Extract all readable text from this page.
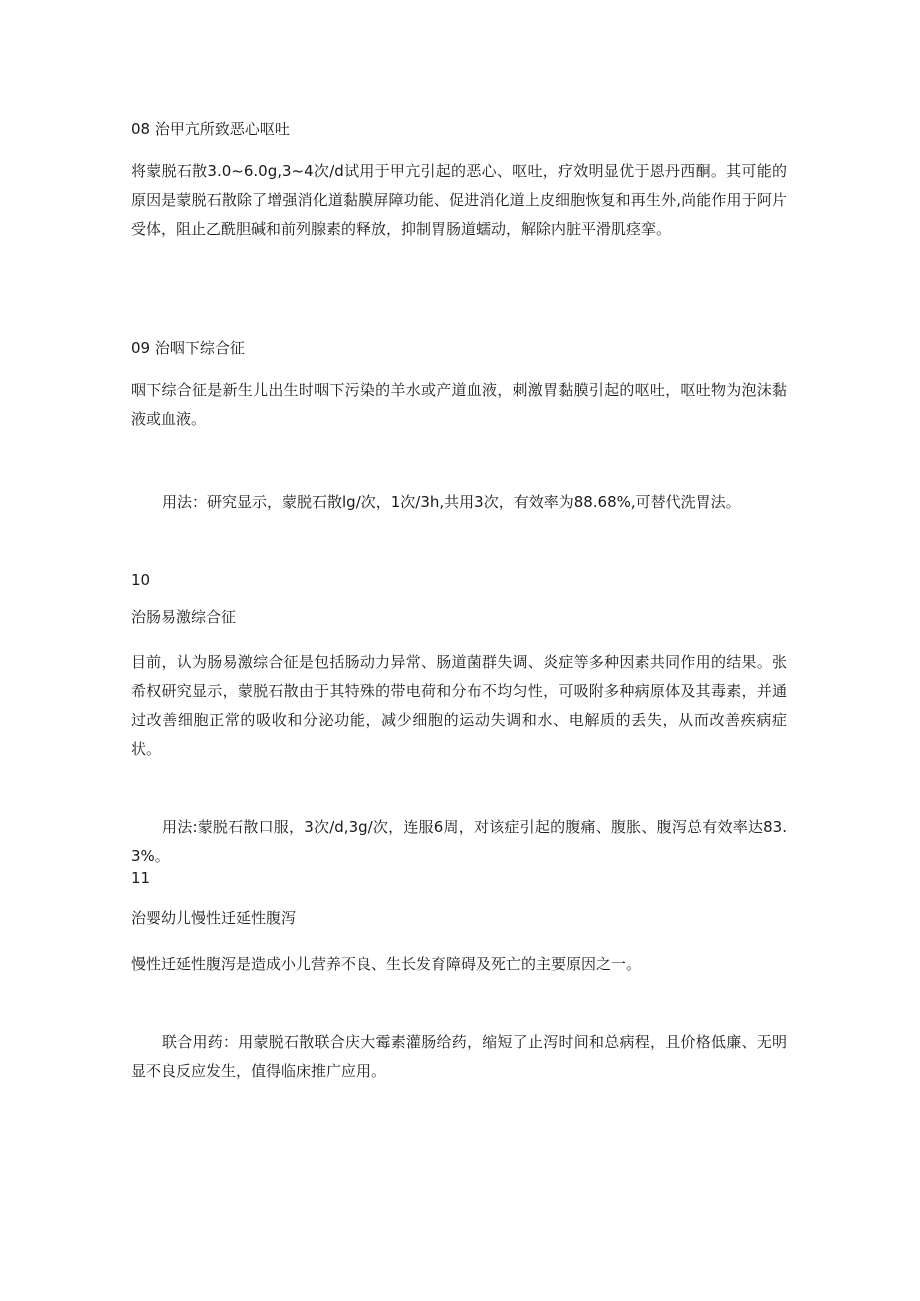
08 治甲亢所致恶心呕吐

将蒙脱石散3.0~6.0g,3~4次/d试用于甲亢引起的恶心、呕吐，疗效明显优于恩丹西酮。其可能的原因是蒙脱石散除了增强消化道黏膜屏障功能、促进消化道上皮细胞恢复和再生外,尚能作用于阿片受体，阻止乙酰胆碱和前列腺素的释放，抑制胃肠道蠕动，解除内脏平滑肌痉挛。

09 治咽下综合征

咽下综合征是新生儿出生时咽下污染的羊水或产道血液，刺激胃黏膜引起的呕吐，呕吐物为泡沫黏液或血液。

用法：研究显示，蒙脱石散lg/次，1次/3h,共用3次，有效率为88.68%,可替代洗胃法。

10
治肠易激综合征

目前，认为肠易激综合征是包括肠动力异常、肠道菌群失调、炎症等多种因素共同作用的结果。张希权研究显示，蒙脱石散由于其特殊的带电荷和分布不均匀性，可吸附多种病原体及其毒素，并通过改善细胞正常的吸收和分泌功能，减少细胞的运动失调和水、电解质的丢失，从而改善疾病症状。

用法:蒙脱石散口服，3次/d,3g/次，连服6周，对该症引起的腹痛、腹胀、腹泻总有效率达83.3%。

11
治婴幼儿慢性迁延性腹泻

慢性迁延性腹泻是造成小儿营养不良、生长发育障碍及死亡的主要原因之一。

联合用药：用蒙脱石散联合庆大霉素灌肠给药，缩短了止泻时间和总病程，且价格低廉、无明显不良反应发生，值得临床推广应用。
